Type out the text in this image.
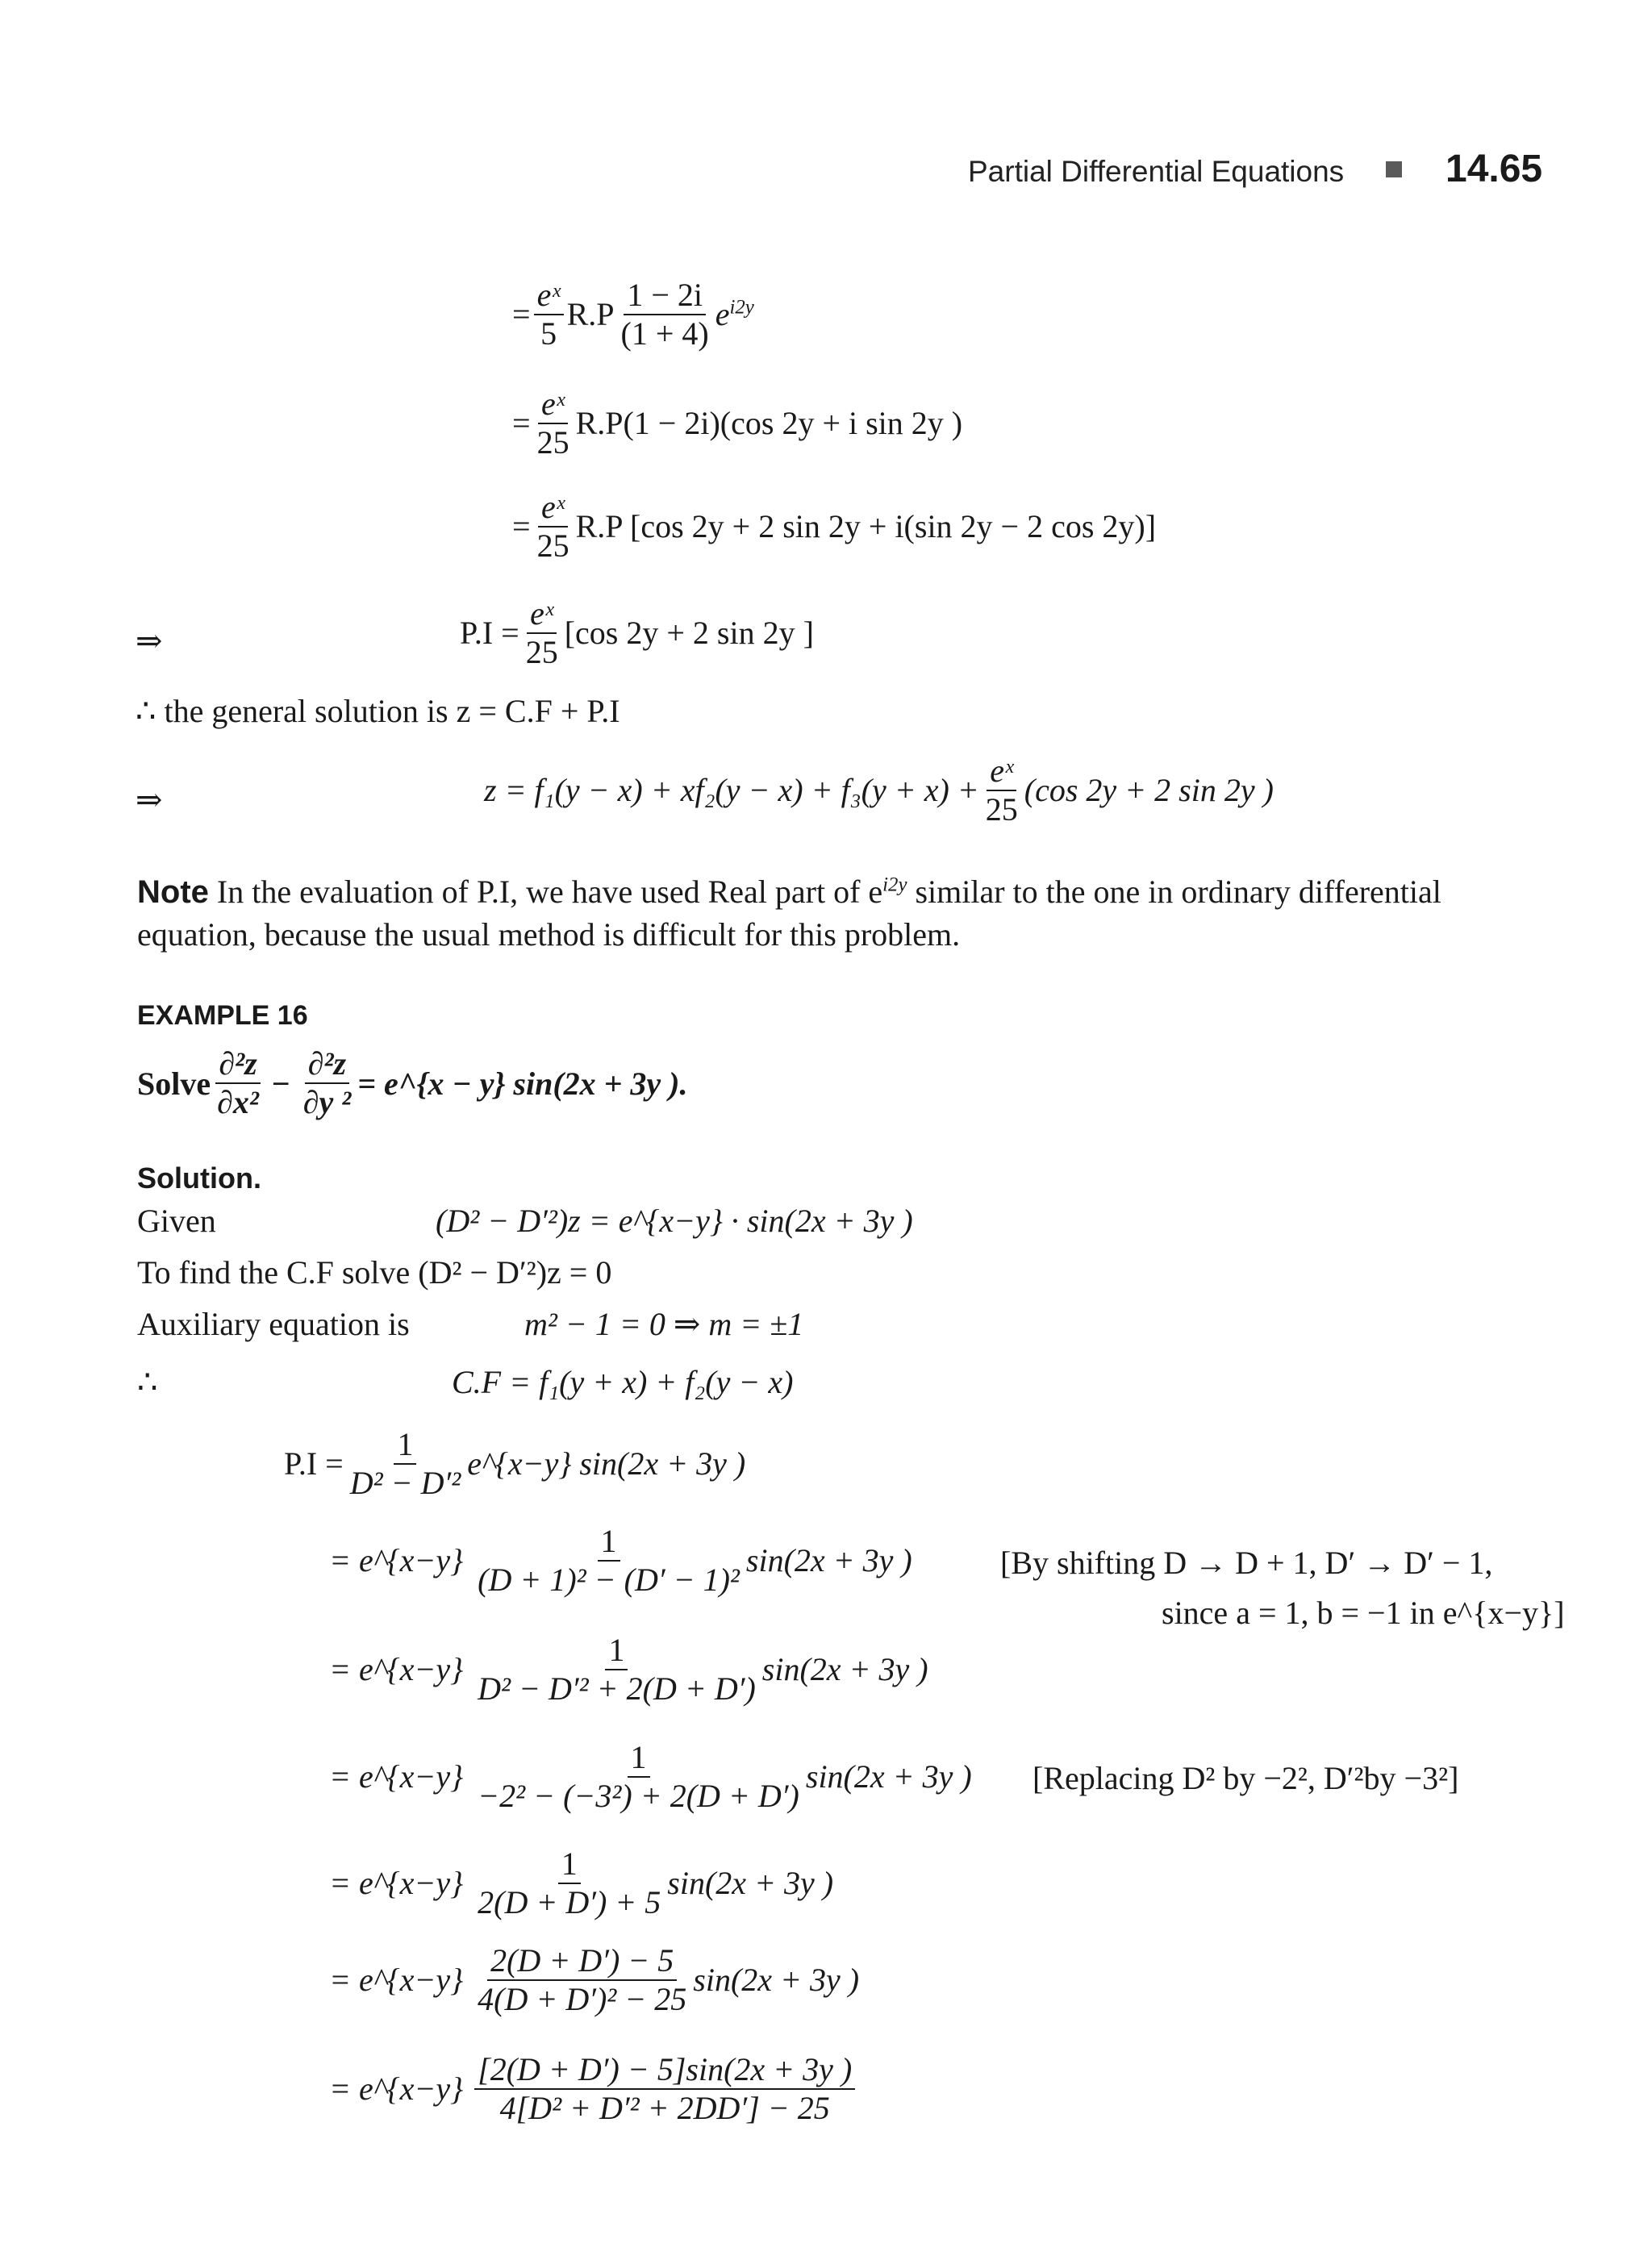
Partial Differential Equations	14.65
= $\frac{\text{eˣ}}{5} R.P \frac{1 - 2i}{(1 + 4)} e^{i2y}$
= $\frac{\text{eˣ}}{25} R.P(1 - 2i)(\cos$ 2y + i sin 2y )
= $\frac{\text{eˣ}}{25} R.P$ [cos 2y + 2 sin 2y + i(sin 2y − 2 cos 2y)]
⇒	$P.I = \frac{\text{eˣ}}{25} [\cos$ 2y + 2 sin 2y ]
∴ the general solution is z = C.F + P.I
⇒	$z = f_1(y - x) + xf_2(y - x) + f_3(y + x) + \frac{\text{eˣ}}{25} (\cos$ 2y + 2 sin 2y )
Note In the evaluation of P.I, we have used Real part of $e^{i2y}$ similar to the one in ordinary differential
equation, because the usual method is difficult for this problem.
EXAMPLE 16
Solve $\frac{\text{∂²z}}{\text{∂x²}} - \frac{\text{∂²z}}{\text{∂y ²}}$ = e^{x − y} sin(2x + 3y ).
Solution.
Given	(D² − D′²)z = e^{x−y} · sin(2x + 3y )
To find the C.F solve (D² − D′²)z = 0
Auxiliary equation is	m² − 1 = 0 ⇒ m = ±1
∴	C.F = f₁(y + x) + f₂(y − x)
$P.I = \frac{1}{\text{D² − D′²}}$ e^{x−y} sin(2x + 3y )
= e^{x−y} $\frac{1}{\text{(D + 1)² − (D′ − 1)²}} \sin(2x + 3y$ )	[By shifting D → D + 1, D′ → D′ − 1,
since a = 1, b = −1 in e^{x−y}]
= e^{x−y} $\frac{1}{\text{D² − D′² + 2(D + D′)}} \sin(2x + 3y$ )
= e^{x−y} $\frac{1}{\text{−2² − (−3²) + 2(D + D′)}} \sin(2x + 3y$ ) [Replacing D² by −2², D′²by −3²]
= e^{x−y} $\frac{1}{2(D + D') + 5} \sin(2x + 3y$ )
= e^{x−y} $\frac{2(D + D') - 5}{\text{4(D + D′)² − 25}} \sin(2x + 3y$ )
= e^{x−y} $\frac{[2(D + D') - 5]\sin(2x + 3y )}{\text{4[D² + D′² + 2DD′] − 25}}$
